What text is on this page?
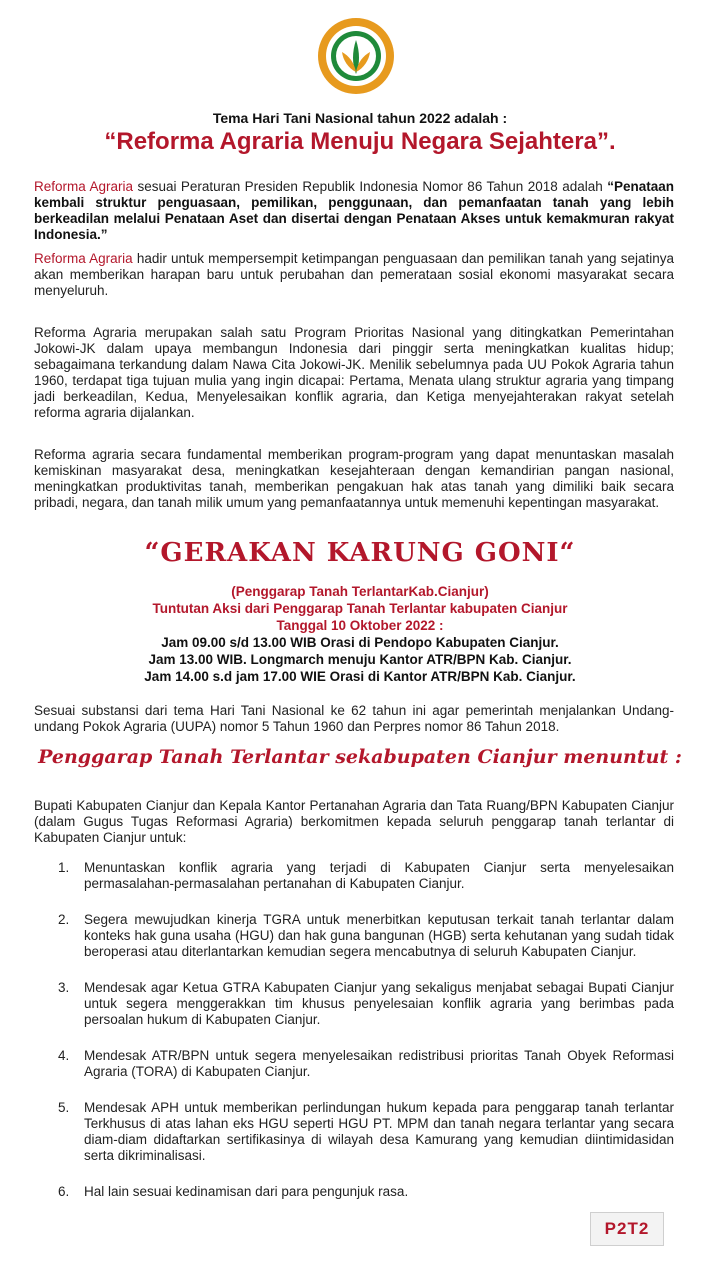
Tema Hari Tani Nasional tahun 2022 adalah :
“Reforma Agraria Menuju Negara Sejahtera”.

Reforma Agraria sesuai Peraturan Presiden Republik Indonesia Nomor 86 Tahun 2018 adalah “Penataan kembali struktur penguasaan, pemilikan, penggunaan, dan pemanfaatan tanah yang lebih berkeadilan melalui Penataan Aset dan disertai dengan Penataan Akses untuk kemakmuran rakyat Indonesia.”

Reforma Agraria hadir untuk mempersempit ketimpangan penguasaan dan pemilikan tanah yang sejatinya akan memberikan harapan baru untuk perubahan dan pemerataan sosial ekonomi masyarakat secara menyeluruh.

Reforma Agraria merupakan salah satu Program Prioritas Nasional yang ditingkatkan Pemerintahan Jokowi-JK dalam upaya membangun Indonesia dari pinggir serta meningkatkan kualitas hidup; sebagaimana terkandung dalam Nawa Cita Jokowi-JK. Menilik sebelumnya pada UU Pokok Agraria tahun 1960, terdapat tiga tujuan mulia yang ingin dicapai: Pertama, Menata ulang struktur agraria yang timpang jadi berkeadilan, Kedua, Menyelesaikan konflik agraria, dan Ketiga menyejahterakan rakyat setelah reforma agraria dijalankan.

Reforma agraria secara fundamental memberikan program-program yang dapat menuntaskan masalah kemiskinan masyarakat desa, meningkatkan kesejahteraan dengan kemandirian pangan nasional, meningkatkan produktivitas tanah, memberikan pengakuan hak atas tanah yang dimiliki baik secara pribadi, negara, dan tanah milik umum yang pemanfaatannya untuk memenuhi kepentingan masyarakat.

“GERAKAN KARUNG GONI“
(Penggarap Tanah TerlantarKab.Cianjur)
Tuntutan Aksi dari Penggarap Tanah Terlantar kabupaten Cianjur
Tanggal 10 Oktober 2022 :
Jam 09.00 s/d 13.00 WIB Orasi di Pendopo Kabupaten Cianjur.
Jam 13.00 WIB. Longmarch menuju Kantor ATR/BPN Kab. Cianjur.
Jam 14.00 s.d jam 17.00 WIE Orasi di Kantor ATR/BPN Kab. Cianjur.

Sesuai substansi dari tema Hari Tani Nasional ke 62 tahun ini agar pemerintah menjalankan Undang-undang Pokok Agraria (UUPA) nomor 5 Tahun 1960 dan Perpres nomor 86 Tahun 2018.

Penggarap Tanah Terlantar sekabupaten Cianjur menuntut :

Bupati Kabupaten Cianjur dan Kepala Kantor Pertanahan Agraria dan Tata Ruang/BPN Kabupaten Cianjur (dalam Gugus Tugas Reformasi Agraria) berkomitmen kepada seluruh penggarap tanah terlantar di Kabupaten Cianjur untuk:

1. Menuntaskan konflik agraria yang terjadi di Kabupaten Cianjur serta menyelesaikan permasalahan-permasalahan pertanahan di Kabupaten Cianjur.
2. Segera mewujudkan kinerja TGRA untuk menerbitkan keputusan terkait tanah terlantar dalam konteks hak guna usaha (HGU) dan hak guna bangunan (HGB) serta kehutanan yang sudah tidak beroperasi atau diterlantarkan kemudian segera mencabutnya di seluruh Kabupaten Cianjur.
3. Mendesak agar Ketua GTRA Kabupaten Cianjur yang sekaligus menjabat sebagai Bupati Cianjur untuk segera menggerakkan tim khusus penyelesaian konflik agraria yang berimbas pada persoalan hukum di Kabupaten Cianjur.
4. Mendesak ATR/BPN untuk segera menyelesaikan redistribusi prioritas Tanah Obyek Reformasi Agraria (TORA) di Kabupaten Cianjur.
5. Mendesak APH untuk memberikan perlindungan hukum kepada para penggarap tanah terlantar Terkhusus di atas lahan eks HGU seperti HGU PT. MPM dan tanah negara terlantar yang secara diam-diam didaftarkan sertifikasinya di wilayah desa Kamurang yang kemudian diintimidasidan serta dikriminalisasi.
6. Hal lain sesuai kedinamisan dari para pengunjuk rasa.
P2T2
